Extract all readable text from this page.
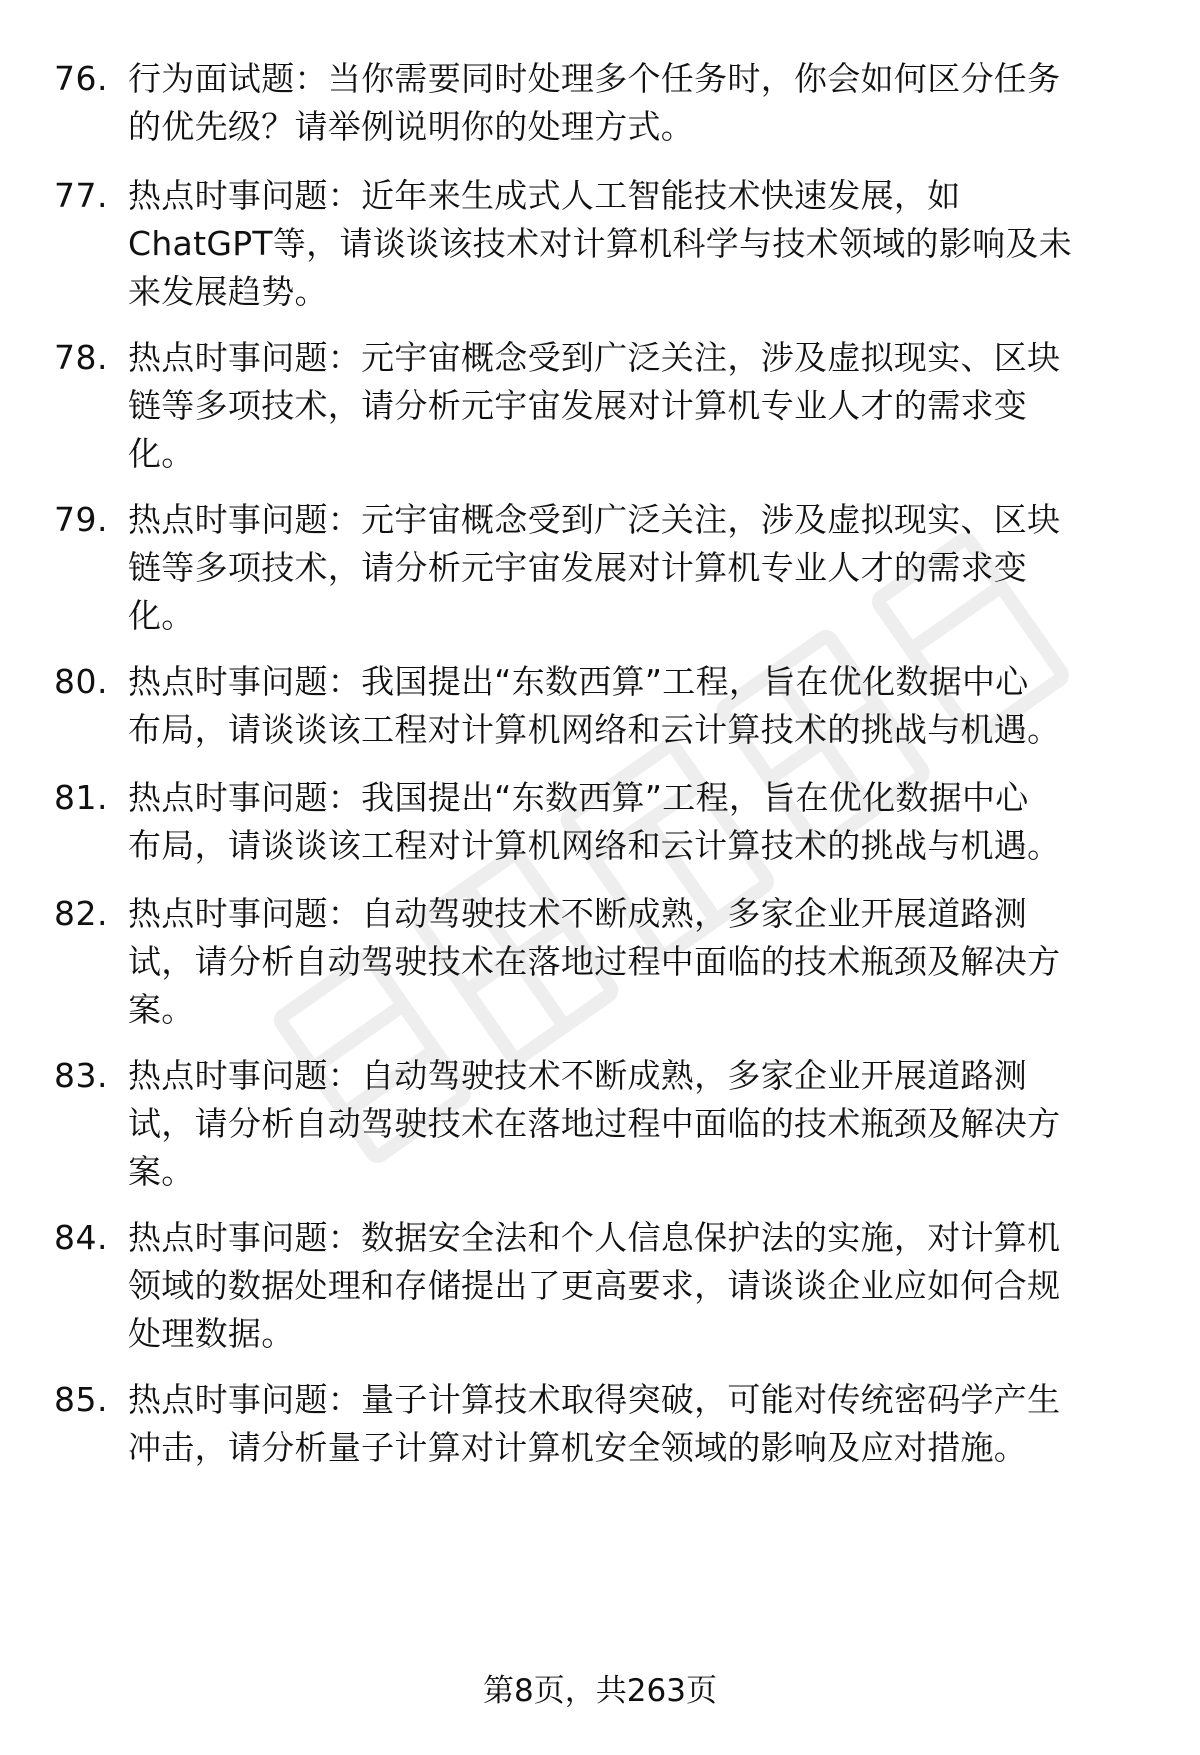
76. 行为面试题：当你需要同时处理多个任务时，你会如何区分任务
的优先级？请举例说明你的处理方式。
77. 热点时事问题：近年来生成式人工智能技术快速发展，如
ChatGPT等，请谈谈该技术对计算机科学与技术领域的影响及未
来发展趋势。
78. 热点时事问题：元宇宙概念受到广泛关注，涉及虚拟现实、区块
链等多项技术，请分析元宇宙发展对计算机专业人才的需求变
化。
79. 热点时事问题：元宇宙概念受到广泛关注，涉及虚拟现实、区块
链等多项技术，请分析元宇宙发展对计算机专业人才的需求变
化。
80. 热点时事问题：我国提出“东数西算”工程，旨在优化数据中心
布局，请谈谈该工程对计算机网络和云计算技术的挑战与机遇。
81. 热点时事问题：我国提出“东数西算”工程，旨在优化数据中心
布局，请谈谈该工程对计算机网络和云计算技术的挑战与机遇。
82. 热点时事问题：自动驾驶技术不断成熟，多家企业开展道路测
试，请分析自动驾驶技术在落地过程中面临的技术瓶颈及解决方
案。
83. 热点时事问题：自动驾驶技术不断成熟，多家企业开展道路测
试，请分析自动驾驶技术在落地过程中面临的技术瓶颈及解决方
案。
84. 热点时事问题：数据安全法和个人信息保护法的实施，对计算机
领域的数据处理和存储提出了更高要求，请谈谈企业应如何合规
处理数据。
85. 热点时事问题：量子计算技术取得突破，可能对传统密码学产生
冲击，请分析量子计算对计算机安全领域的影响及应对措施。
第8页，共263页
